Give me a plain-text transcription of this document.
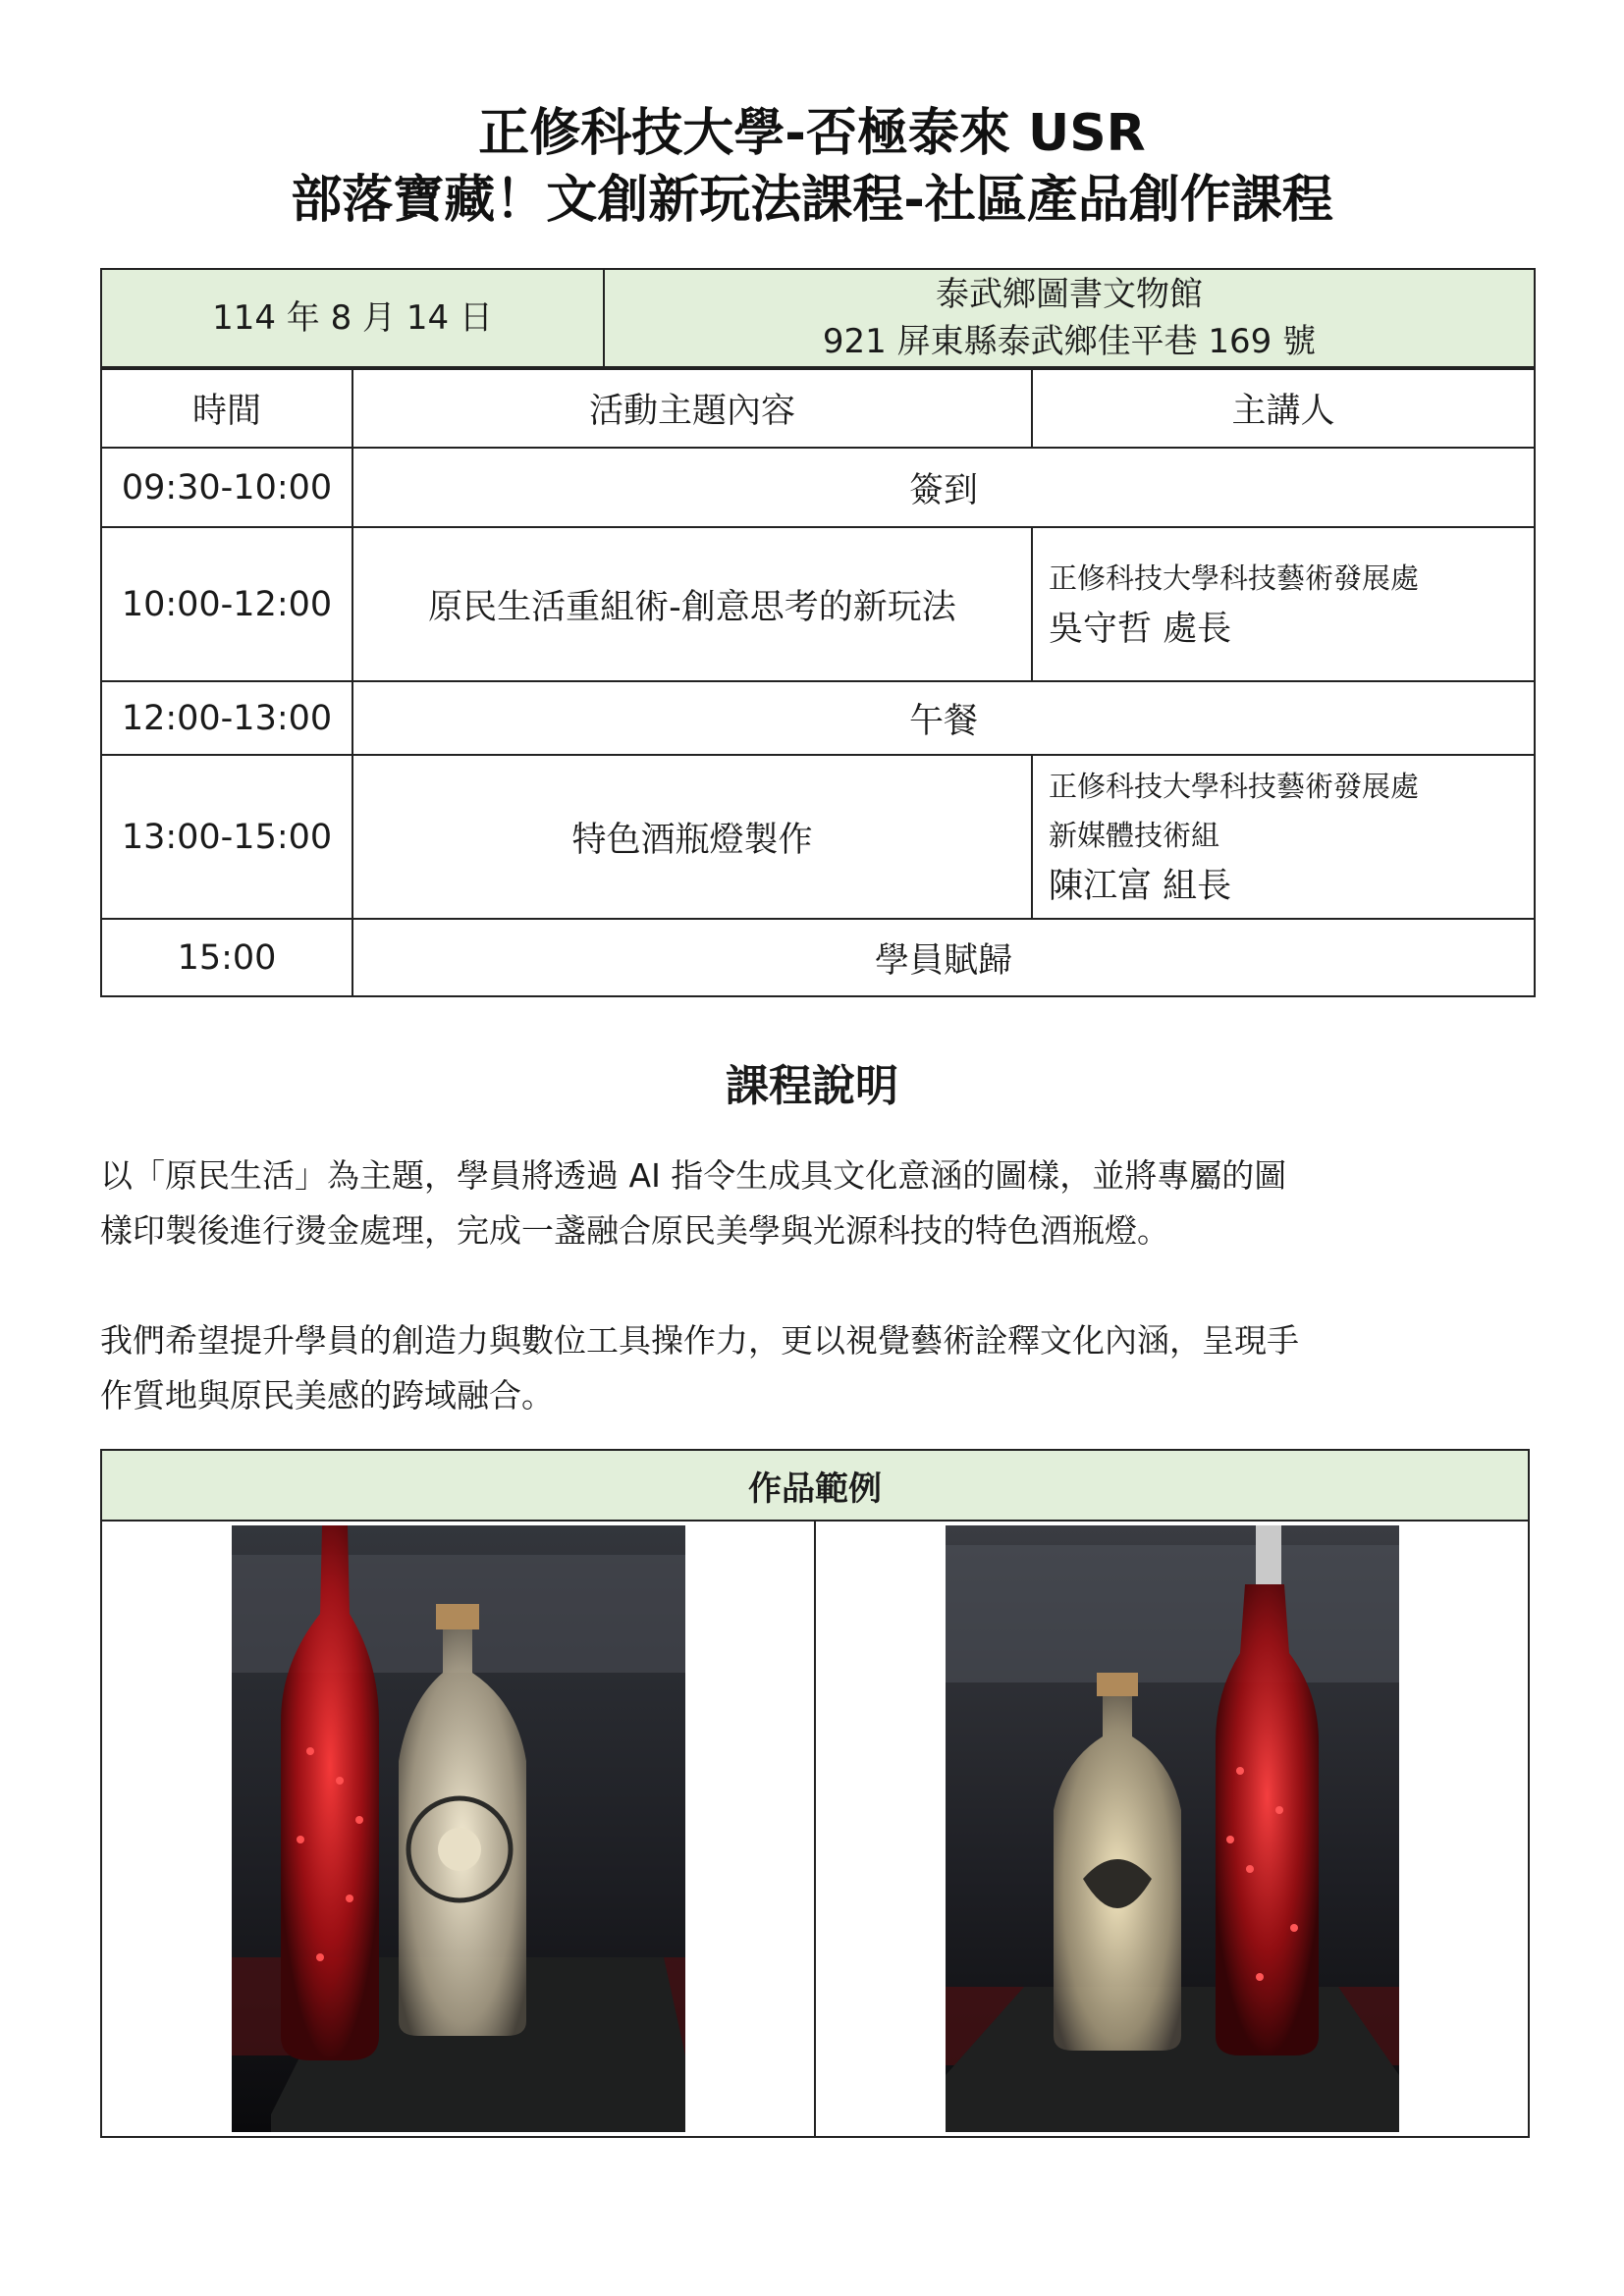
正修科技大學-否極泰來 USR
部落寶藏！文創新玩法課程-社區產品創作課程
114 年 8 月 14 日	
泰武鄉圖書文物館
921 屏東縣泰武鄉佳平巷 169 號
時間	活動主題內容	主講人
09:30-10:00	簽到	
10:00-12:00	原民生活重組術-創意思考的新玩法	正修科技大學科技藝術發展處
吳守哲 處長

12:00-13:00	午餐	
13:00-15:00	特色酒瓶燈製作	正修科技大學科技藝術發展處
新媒體技術組
陳江富 組長

15:00	學員賦歸	
課程說明
以「原民生活」為主題，學員將透過 AI 指令生成具文化意涵的圖樣，並將專屬的圖
樣印製後進行燙金處理，完成一盞融合原民美學與光源科技的特色酒瓶燈。
我們希望提升學員的創造力與數位工具操作力，更以視覺藝術詮釋文化內涵，呈現手
作質地與原民美感的跨域融合。
作品範例
